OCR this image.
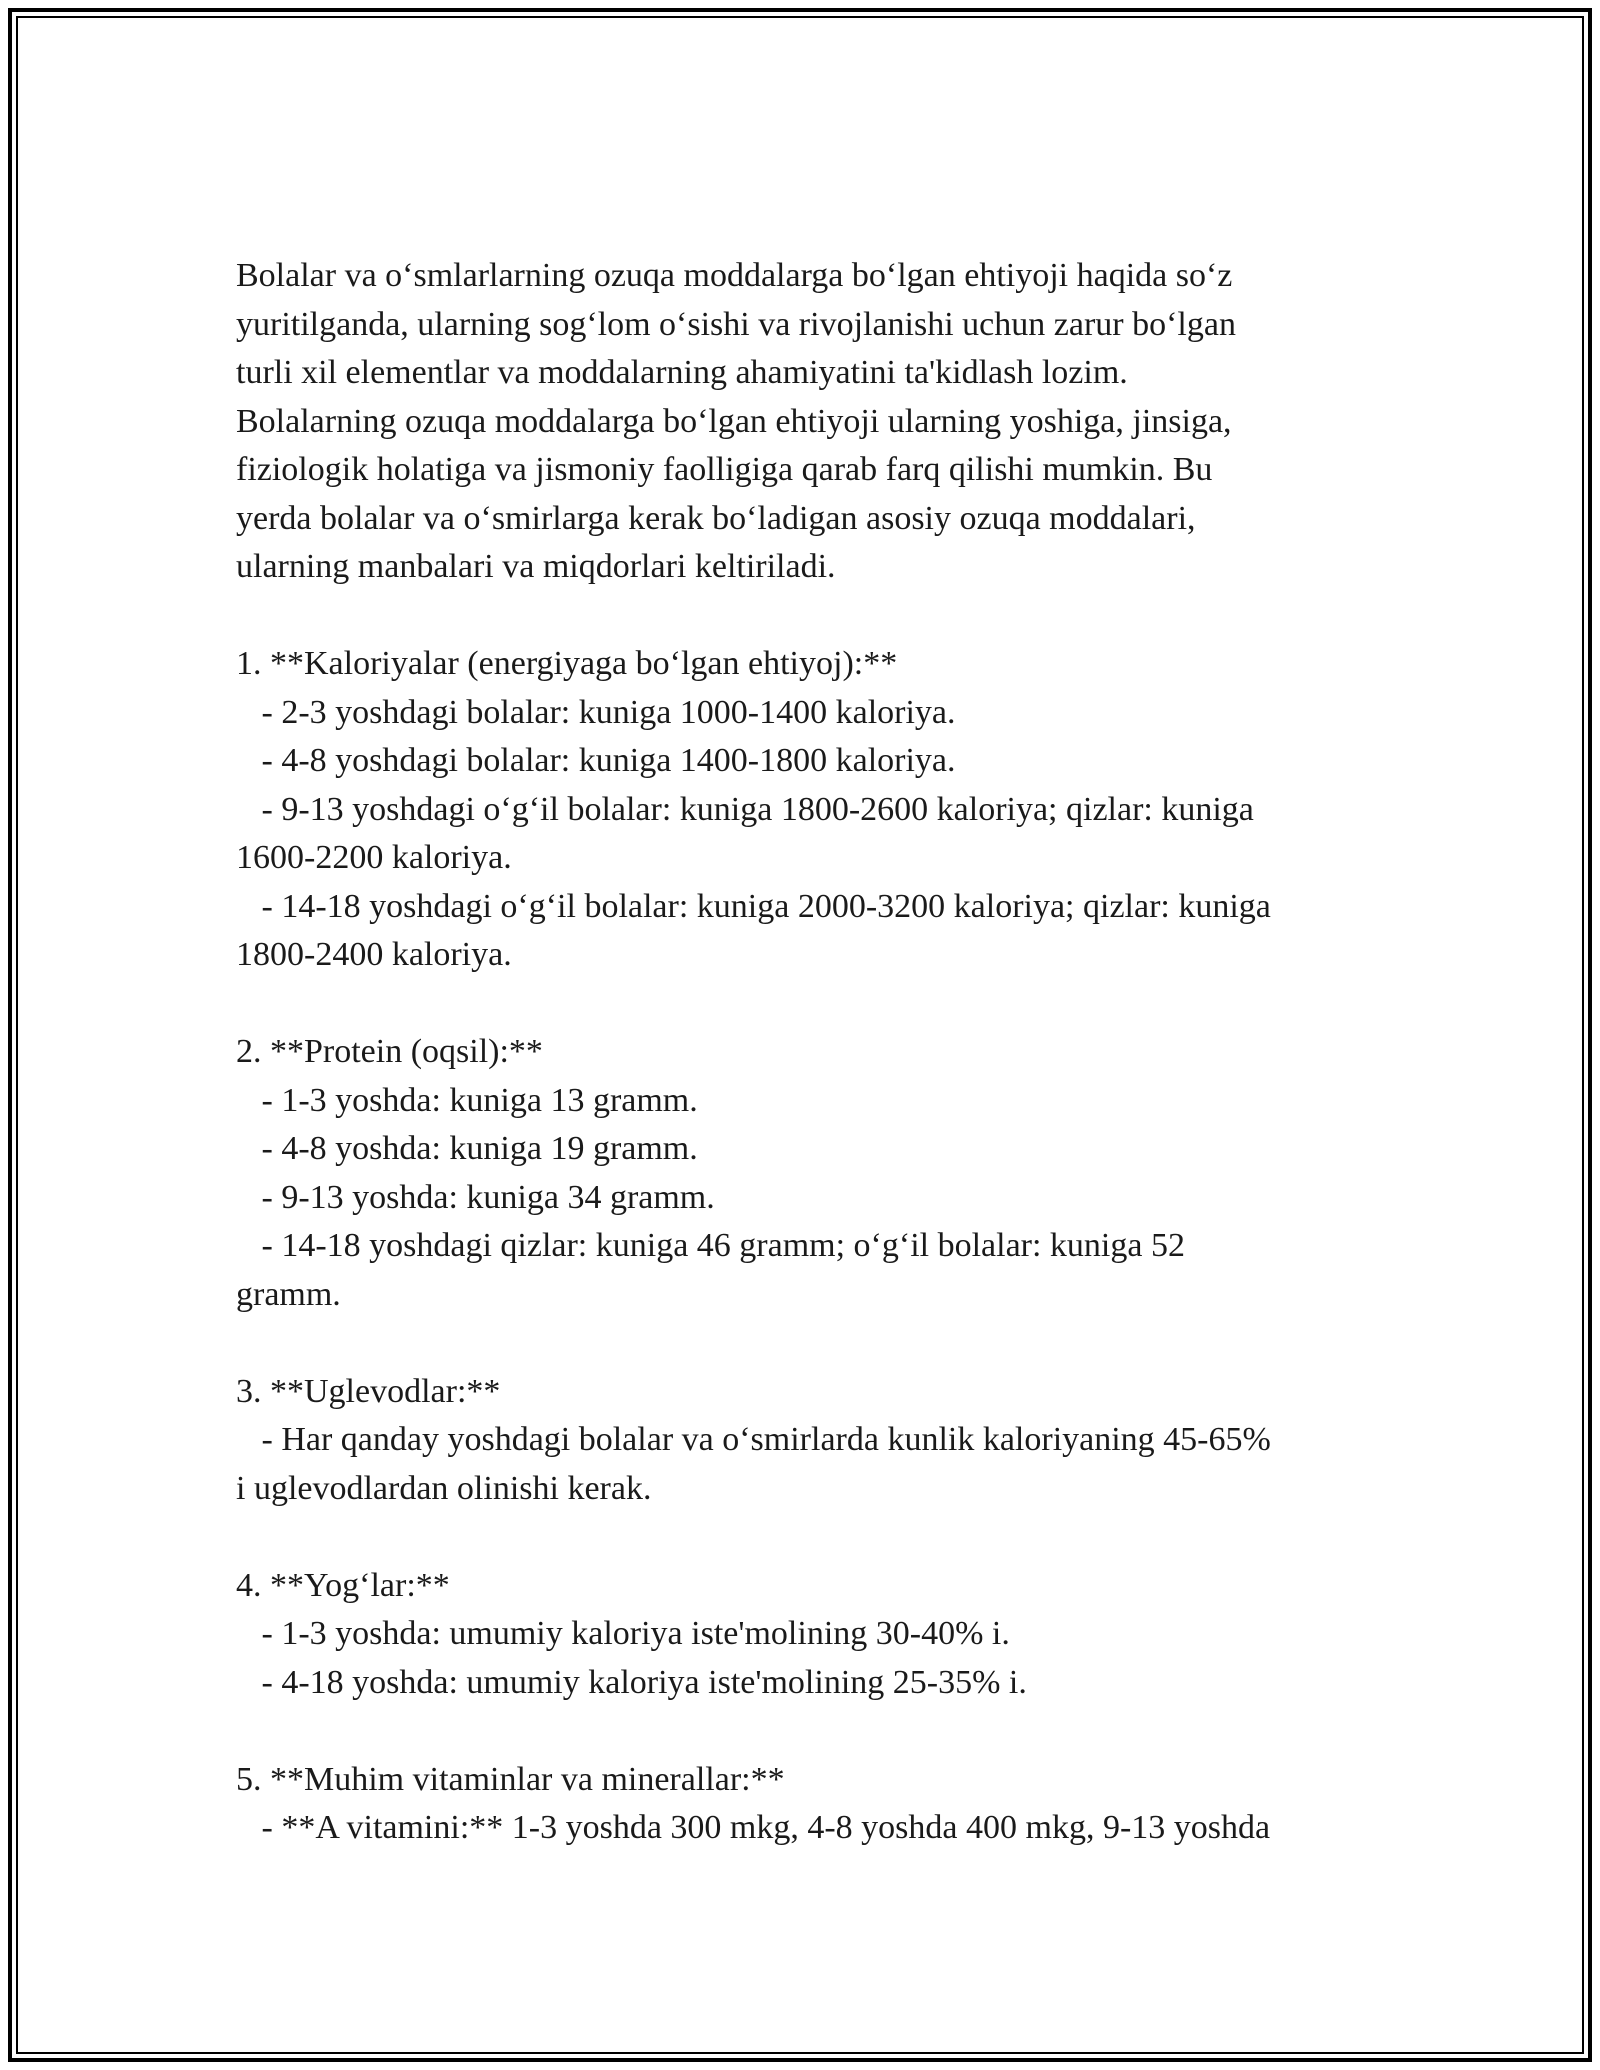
Bolalar va o‘smlarlarning ozuqa moddalarga bo‘lgan ehtiyoji haqida so‘z

yuritilganda, ularning sog‘lom o‘sishi va rivojlanishi uchun zarur bo‘lgan

turli xil elementlar va moddalarning ahamiyatini ta'kidlash lozim.

Bolalarning ozuqa moddalarga bo‘lgan ehtiyoji ularning yoshiga, jinsiga,

fiziologik holatiga va jismoniy faolligiga qarab farq qilishi mumkin. Bu

yerda bolalar va o‘smirlarga kerak bo‘ladigan asosiy ozuqa moddalari,

ularning manbalari va miqdorlari keltiriladi.

1. **Kaloriyalar (energiyaga bo‘lgan ehtiyoj):**

- 2-3 yoshdagi bolalar: kuniga 1000-1400 kaloriya.

- 4-8 yoshdagi bolalar: kuniga 1400-1800 kaloriya.

- 9-13 yoshdagi o‘g‘il bolalar: kuniga 1800-2600 kaloriya; qizlar: kuniga

1600-2200 kaloriya.

- 14-18 yoshdagi o‘g‘il bolalar: kuniga 2000-3200 kaloriya; qizlar: kuniga

1800-2400 kaloriya.

2. **Protein (oqsil):**

- 1-3 yoshda: kuniga 13 gramm.

- 4-8 yoshda: kuniga 19 gramm.

- 9-13 yoshda: kuniga 34 gramm.

- 14-18 yoshdagi qizlar: kuniga 46 gramm; o‘g‘il bolalar: kuniga 52

gramm.

3. **Uglevodlar:**

- Har qanday yoshdagi bolalar va o‘smirlarda kunlik kaloriyaning 45-65%

i uglevodlardan olinishi kerak.

4. **Yog‘lar:**

- 1-3 yoshda: umumiy kaloriya iste'molining 30-40% i.

- 4-18 yoshda: umumiy kaloriya iste'molining 25-35% i.

5. **Muhim vitaminlar va minerallar:**

- **A vitamini:** 1-3 yoshda 300 mkg, 4-8 yoshda 400 mkg, 9-13 yoshda
